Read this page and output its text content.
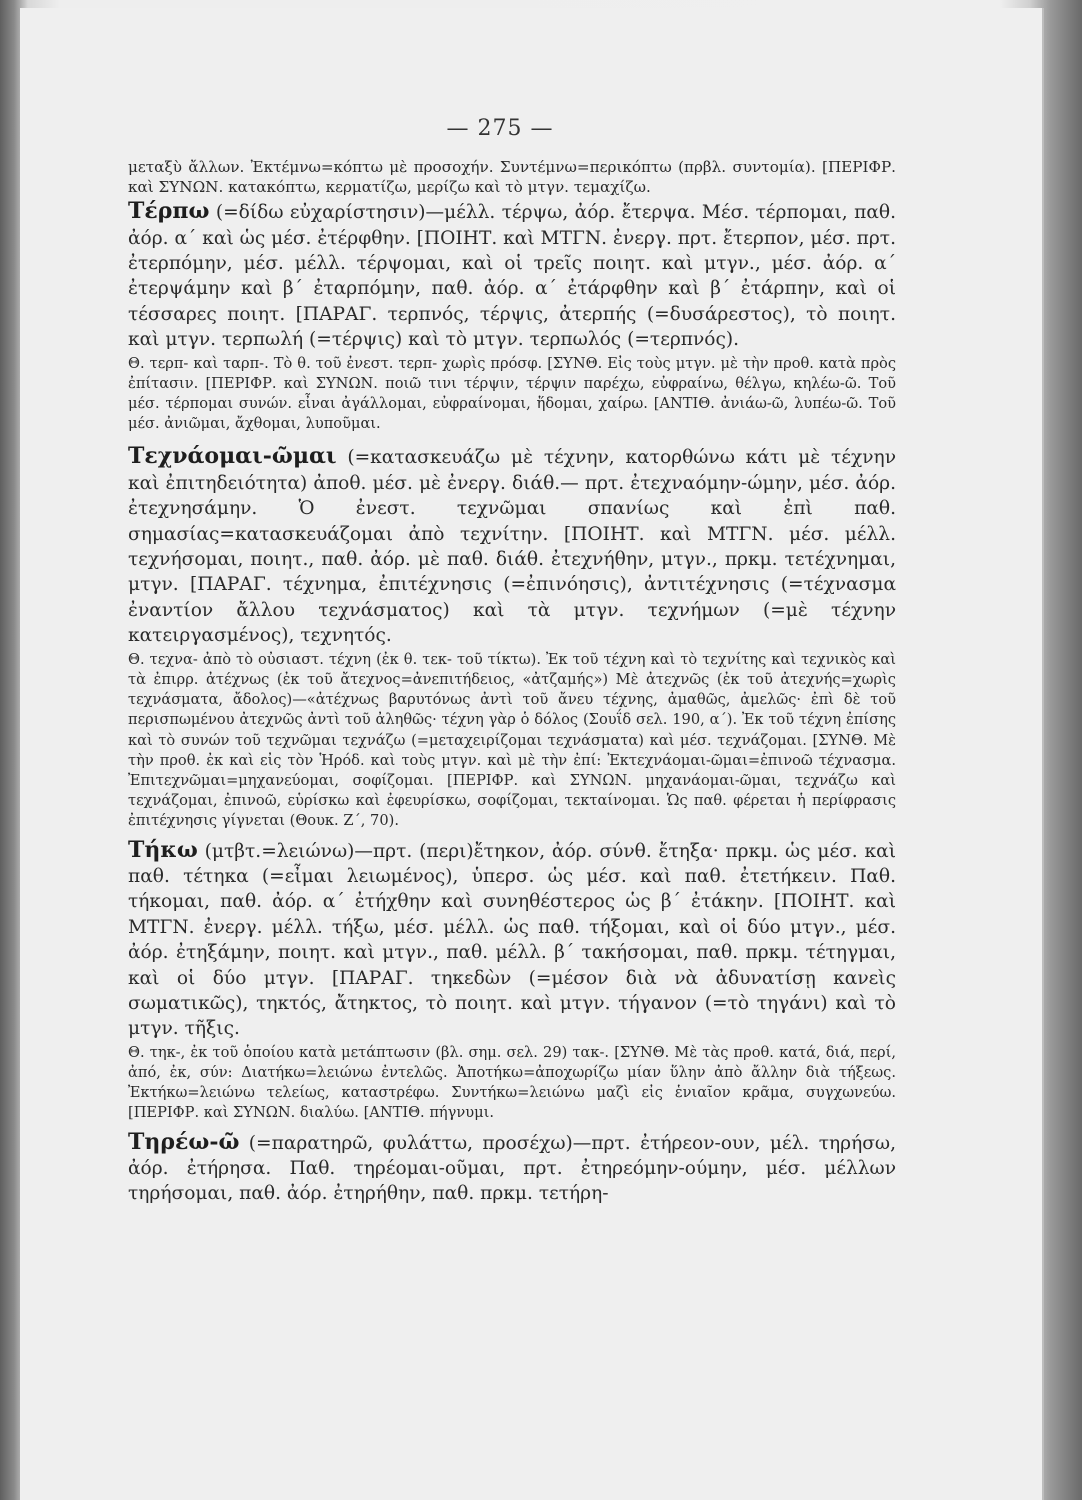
— 275 —

μεταξὺ ἄλλων. Ἐκτέμνω=κόπτω μὲ προσοχήν. Συντέμνω=περικόπτω (πρβλ. συντομία). [ΠΕΡΙΦΡ. καὶ ΣΥΝΩΝ. κατακόπτω, κερματίζω, μερίζω καὶ τὸ μτγν. τεμαχίζω.

Τέρπω (=δίδω εὐχαρίστησιν)—μέλλ. τέρψω, ἀόρ. ἔτερψα. Μέσ. τέρπομαι, παθ. ἀόρ. α΄ καὶ ὡς μέσ. ἐτέρφθην. [ΠΟΙΗΤ. καὶ ΜΤΓΝ. ἐνεργ. πρτ. ἔτερπον, μέσ. πρτ. ἐτερπόμην, μέσ. μέλλ. τέρψομαι, καὶ οἱ τρεῖς ποιητ. καὶ μτγν., μέσ. ἀόρ. α΄ ἐτερψάμην καὶ β΄ ἐταρπόμην, παθ. ἀόρ. α΄ ἐτάρφθην καὶ β΄ ἐτάρπην, καὶ οἱ τέσσαρες ποιητ. [ΠΑΡΑΓ. τερπνός, τέρψις, ἀτερπής (=δυσάρεστος), τὸ ποιητ. καὶ μτγν. τερπωλή (=τέρψις) καὶ τὸ μτγν. τερπωλός (=τερπνός).

Θ. τερπ- καὶ ταρπ-. Τὸ θ. τοῦ ἐνεστ. τερπ- χωρὶς πρόσφ. [ΣΥΝΘ. Εἰς τοὺς μτγν. μὲ τὴν προθ. κατὰ πρὸς ἐπίτασιν. [ΠΕΡΙΦΡ. καὶ ΣΥΝΩΝ. ποιῶ τινι τέρψιν, τέρψιν παρέχω, εὐφραίνω, θέλγω, κηλέω-ῶ. Τοῦ μέσ. τέρπομαι συνών. εἶναι ἀγάλλομαι, εὐφραίνομαι, ἥδομαι, χαίρω. [ΑΝΤΙΘ. ἀνιάω-ῶ, λυπέω-ῶ. Τοῦ μέσ. ἀνιῶμαι, ἄχθομαι, λυποῦμαι.

Τεχνάομαι-ῶμαι (=κατασκευάζω μὲ τέχνην, κατορθώνω κάτι μὲ τέχνην καὶ ἐπιτηδειότητα) ἀποθ. μέσ. μὲ ἐνεργ. διάθ.— πρτ. ἐτεχναόμην-ώμην, μέσ. ἀόρ. ἐτεχνησάμην. Ὁ ἐνεστ. τεχνῶμαι σπανίως καὶ ἐπὶ παθ. σημασίας=κατασκευάζομαι ἀπὸ τεχνίτην. [ΠΟΙΗΤ. καὶ ΜΤΓΝ. μέσ. μέλλ. τεχνήσομαι, ποιητ., παθ. ἀόρ. μὲ παθ. διάθ. ἐτεχνήθην, μτγν., πρκμ. τετέχνημαι, μτγν. [ΠΑΡΑΓ. τέχνημα, ἐπιτέχνησις (=ἐπινόησις), ἀντιτέχνησις (=τέχνασμα ἐναντίον ἄλλου τεχνάσματος) καὶ τὰ μτγν. τεχνήμων (=μὲ τέχνην κατειργασμένος), τεχνητός.

Θ. τεχνα- ἀπὸ τὸ οὐσιαστ. τέχνη (ἐκ θ. τεκ- τοῦ τίκτω). Ἐκ τοῦ τέχνη καὶ τὸ τεχνίτης καὶ τεχνικὸς καὶ τὰ ἐπιρρ. ἀτέχνως (ἐκ τοῦ ἄτεχνος=ἀνεπιτήδειος, «ἀτζαμής») Μὲ ἀτεχνῶς (ἐκ τοῦ ἀτεχνής=χωρὶς τεχνάσματα, ἄδολος)—«ἀτέχνως βαρυτόνως ἀντὶ τοῦ ἄνευ τέχνης, ἀμαθῶς, ἀμελῶς· ἐπὶ δὲ τοῦ περισπωμένου ἀτεχνῶς ἀντὶ τοῦ ἀληθῶς· τέχνη γὰρ ὁ δόλος (Σουΐδ σελ. 190, α΄). Ἐκ τοῦ τέχνη ἐπίσης καὶ τὸ συνών τοῦ τεχνῶμαι τεχνάζω (=μεταχειρίζομαι τεχνάσματα) καὶ μέσ. τεχνάζομαι. [ΣΥΝΘ. Μὲ τὴν προθ. ἐκ καὶ εἰς τὸν Ἡρόδ. καὶ τοὺς μτγν. καὶ μὲ τὴν ἐπί: Ἐκτεχνάομαι-ῶμαι=ἐπινοῶ τέχνασμα. Ἐπιτεχνῶμαι=μηχανεύομαι, σοφίζομαι. [ΠΕΡΙΦΡ. καὶ ΣΥΝΩΝ. μηχανάομαι-ῶμαι, τεχνάζω καὶ τεχνάζομαι, ἐπινοῶ, εὑρίσκω καὶ ἐφευρίσκω, σοφίζομαι, τεκταίνομαι. Ὡς παθ. φέρεται ἡ περίφρασις ἐπιτέχνησις γίγνεται (Θουκ. Ζ΄, 70).

Τήκω (μτβτ.=λειώνω)—πρτ. (περι)ἔτηκον, ἀόρ. σύνθ. ἔτηξα· πρκμ. ὡς μέσ. καὶ παθ. τέτηκα (=εἶμαι λειωμένος), ὑπερσ. ὡς μέσ. καὶ παθ. ἐτετήκειν. Παθ. τήκομαι, παθ. ἀόρ. α΄ ἐτήχθην καὶ συνηθέστερος ὡς β΄ ἐτάκην. [ΠΟΙΗΤ. καὶ ΜΤΓΝ. ἐνεργ. μέλλ. τήξω, μέσ. μέλλ. ὡς παθ. τήξομαι, καὶ οἱ δύο μτγν., μέσ. ἀόρ. ἐτηξάμην, ποιητ. καὶ μτγν., παθ. μέλλ. β΄ τακήσομαι, παθ. πρκμ. τέτηγμαι, καὶ οἱ δύο μτγν. [ΠΑΡΑΓ. τηκεδὼν (=μέσον διὰ νὰ ἀδυνατίσῃ κανεὶς σωματικῶς), τηκτός, ἄτηκτος, τὸ ποιητ. καὶ μτγν. τήγανον (=τὸ τηγάνι) καὶ τὸ μτγν. τῆξις.

Θ. τηκ-, ἐκ τοῦ ὁποίου κατὰ μετάπτωσιν (βλ. σημ. σελ. 29) τακ-. [ΣΥΝΘ. Μὲ τὰς προθ. κατά, διά, περί, ἀπό, ἐκ, σύν: Διατήκω=λειώνω ἐντελῶς. Ἀποτήκω=ἀποχωρίζω μίαν ὕλην ἀπὸ ἄλλην διὰ τήξεως. Ἐκτήκω=λειώνω τελείως, καταστρέφω. Συντήκω=λειώνω μαζὶ εἰς ἑνιαῖον κρᾶμα, συγχωνεύω. [ΠΕΡΙΦΡ. καὶ ΣΥΝΩΝ. διαλύω. [ΑΝΤΙΘ. πήγνυμι.

Τηρέω-ῶ (=παρατηρῶ, φυλάττω, προσέχω)—πρτ. ἐτήρεον-ουν, μέλ. τηρήσω, ἀόρ. ἐτήρησα. Παθ. τηρέομαι-οῦμαι, πρτ. ἐτηρεόμην-ούμην, μέσ. μέλλων τηρήσομαι, παθ. ἀόρ. ἐτηρήθην, παθ. πρκμ. τετήρη-
